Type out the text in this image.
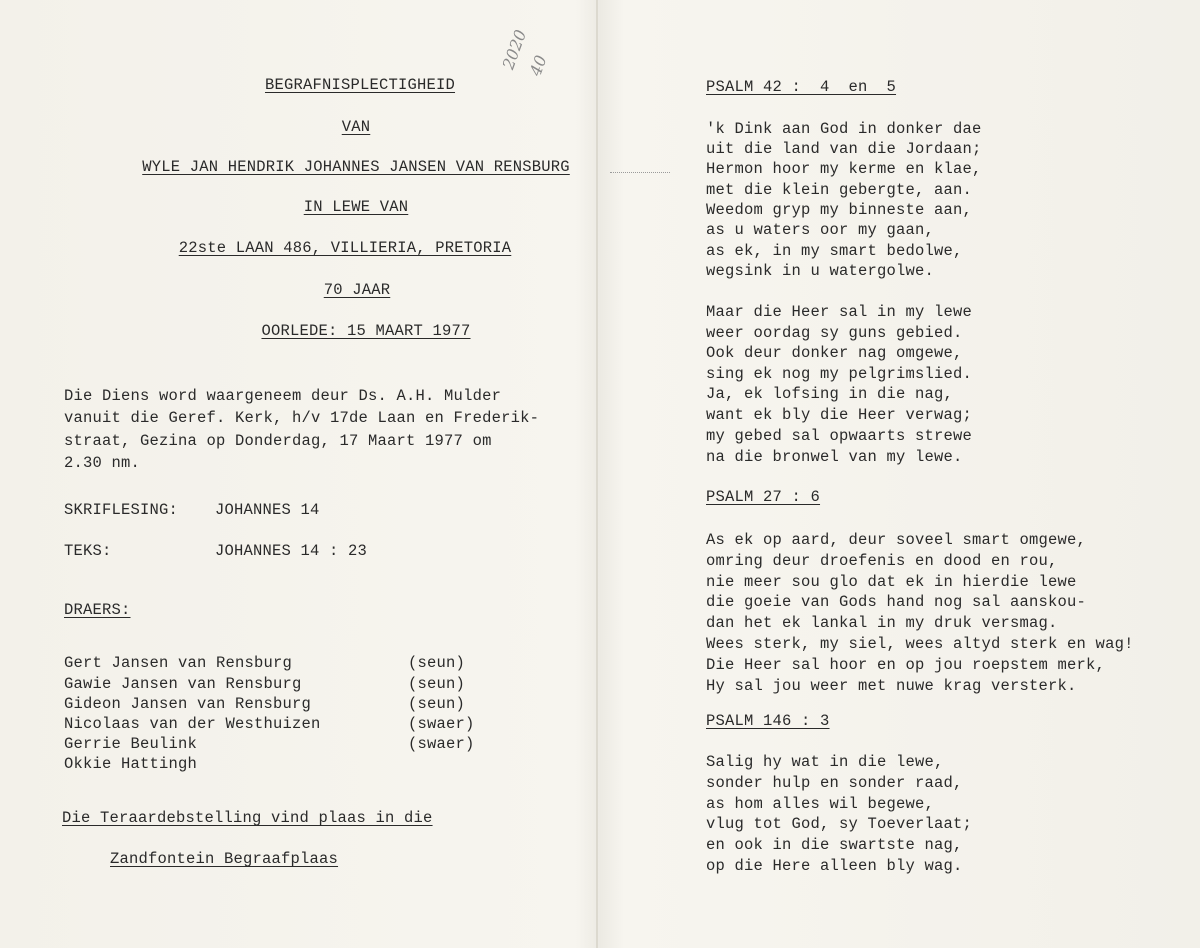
2020
40
BEGRAFNISPLECTIGHEID
VAN
WYLE JAN HENDRIK JOHANNES JANSEN VAN RENSBURG
IN LEWE VAN
22ste LAAN 486, VILLIERIA, PRETORIA
70 JAAR
OORLEDE: 15 MAART 1977
Die Diens word waargeneem deur Ds. A.H. Mulder
vanuit die Geref. Kerk, h/v 17de Laan en Frederik-
straat, Gezina op Donderdag, 17 Maart 1977 om
2.30 nm.
SKRIFLESING: JOHANNES 14
TEKS:	JOHANNES 14 : 23
DRAERS:
Gert Jansen van Rensburg	(seun)
Gawie Jansen van Rensburg	(seun)
Gideon Jansen van Rensburg	(seun)
Nicolaas van der Westhuizen	(swaer)
Gerrie Beulink	(swaer)
Okkie Hattingh
Die Teraardebstelling vind plaas in die
Zandfontein Begraafplaas
PSALM 42 :  4  en  5
'k Dink aan God in donker dae
uit die land van die Jordaan;
Hermon hoor my kerme en klae,
met die klein gebergte, aan.
Weedom gryp my binneste aan,
as u waters oor my gaan,
as ek, in my smart bedolwe,
wegsink in u watergolwe.
Maar die Heer sal in my lewe
weer oordag sy guns gebied.
Ook deur donker nag omgewe,
sing ek nog my pelgrimslied.
Ja, ek lofsing in die nag,
want ek bly die Heer verwag;
my gebed sal opwaarts strewe
na die bronwel van my lewe.
PSALM 27 : 6
As ek op aard, deur soveel smart omgewe,
omring deur droefenis en dood en rou,
nie meer sou glo dat ek in hierdie lewe
die goeie van Gods hand nog sal aanskou-
dan het ek lankal in my druk versmag.
Wees sterk, my siel, wees altyd sterk en wag!
Die Heer sal hoor en op jou roepstem merk,
Hy sal jou weer met nuwe krag versterk.
PSALM 146 : 3
Salig hy wat in die lewe,
sonder hulp en sonder raad,
as hom alles wil begewe,
vlug tot God, sy Toeverlaat;
en ook in die swartste nag,
op die Here alleen bly wag.
